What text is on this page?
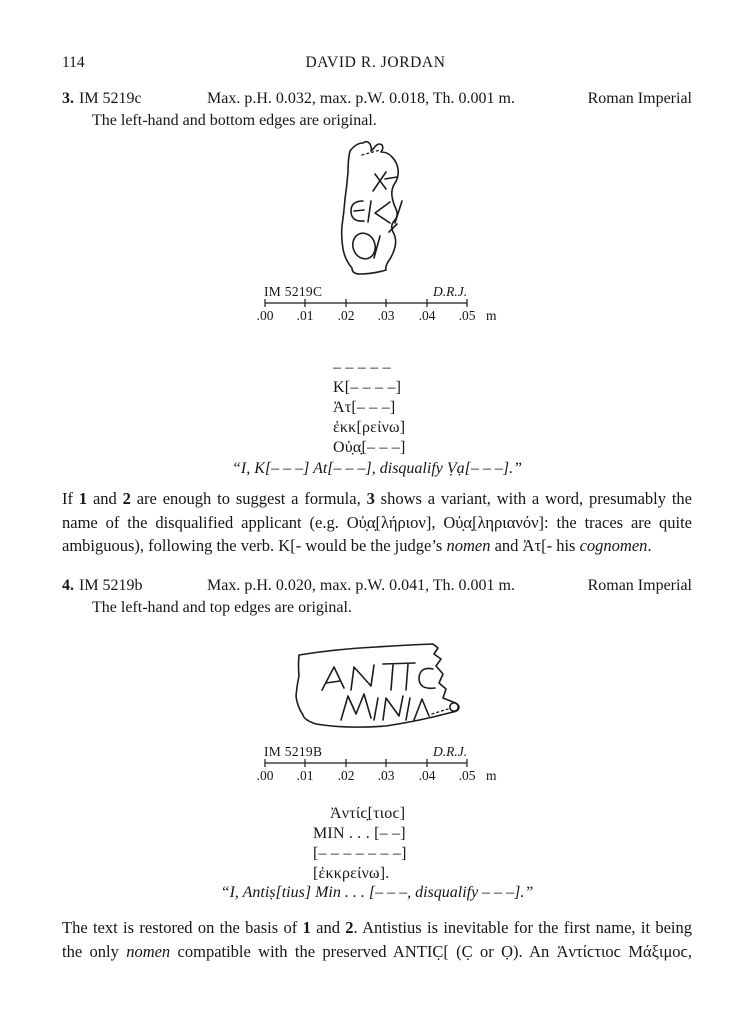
114	DAVID R. JORDAN
3. IM 5219c	Max. p.H. 0.032, max. p.W. 0.018, Th. 0.001 m.	Roman Imperial
The left-hand and bottom edges are original.
IM 5219C	D.R.J.
.00 .01 .02 .03 .04 .05 m
– – – – –
Κ[– – – –]
Ἀτ[– – –]
ἐκκ[ρείνω]
Οὐ̣α̣[– – –]
“I, K[– – –] At[– – –], disqualify Ṿạ[– – –].”
If 1 and 2 are enough to suggest a formula, 3 shows a variant, with a word, presumably the name of the disqualified applicant (e.g. Οὐ̣α̣[λήριον], Οὐ̣α̣[ληριανόν]: the traces are quite ambiguous), following the verb. Κ[- would be the judge’s nomen and Ἀτ[- his cognomen.
4. IM 5219b	Max. p.H. 0.020, max. p.W. 0.041, Th. 0.001 m.	Roman Imperial
The left-hand and top edges are original.
IM 5219B	D.R.J.
.00 .01 .02 .03 .04 .05 m
Ἀντίϲ̣[τιοϲ]
MIN . . . [– –]
[– – – – – – –]
[ἐκκρείνω].
“I, Antiṣ[tius] Min . . . [– – –, disqualify – – –].”
The text is restored on the basis of 1 and 2. Antistius is inevitable for the first name, it being the only nomen compatible with the preserved ANTIC̣[ (C̣ or Ọ). An Ἀντίϲτιοϲ Μάξιμοϲ,
